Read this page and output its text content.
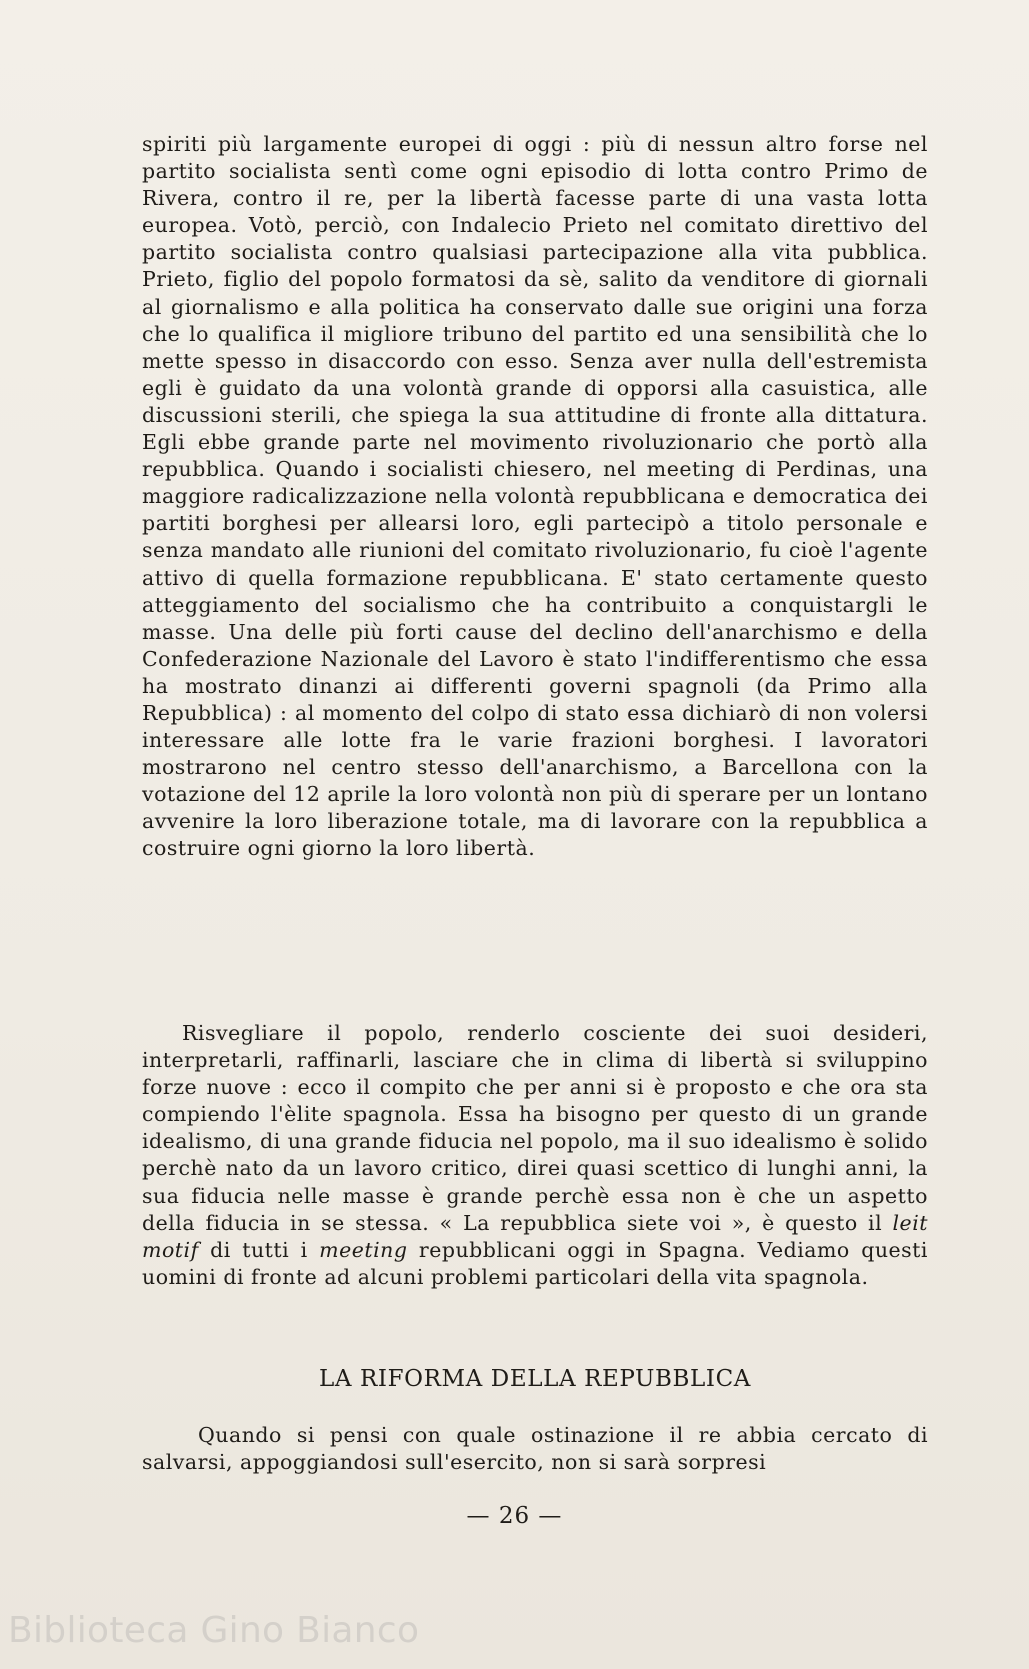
spiriti più largamente europei di oggi : più di nessun altro forse nel partito socialista sentì come ogni episodio di lotta contro Primo de Rivera, contro il re, per la libertà facesse parte di una vasta lotta europea. Votò, perciò, con Indalecio Prieto nel comitato direttivo del partito socialista contro qualsiasi partecipazione alla vita pubblica. Prieto, figlio del popolo formatosi da sè, salito da venditore di giornali al giornalismo e alla politica ha conservato dalle sue origini una forza che lo qualifica il migliore tribuno del partito ed una sensibilità che lo mette spesso in disaccordo con esso. Senza aver nulla dell'estremista egli è guidato da una volontà grande di opporsi alla casuistica, alle discussioni sterili, che spiega la sua attitudine di fronte alla dittatura. Egli ebbe grande parte nel movimento rivoluzionario che portò alla repubblica. Quando i socialisti chiesero, nel meeting di Perdinas, una maggiore radicalizzazione nella volontà repubblicana e democratica dei partiti borghesi per allearsi loro, egli partecipò a titolo personale e senza mandato alle riunioni del comitato rivoluzionario, fu cioè l'agente attivo di quella formazione repubblicana. E' stato certamente questo atteggiamento del socialismo che ha contribuito a conquistargli le masse. Una delle più forti cause del declino dell'anarchismo e della Confederazione Nazionale del Lavoro è stato l'indifferentismo che essa ha mostrato dinanzi ai differenti governi spagnoli (da Primo alla Repubblica) : al momento del colpo di stato essa dichiarò di non volersi interessare alle lotte fra le varie frazioni borghesi. I lavoratori mostrarono nel centro stesso dell'anarchismo, a Barcellona con la votazione del 12 aprile la loro volontà non più di sperare per un lontano avvenire la loro liberazione totale, ma di lavorare con la repubblica a costruire ogni giorno la loro libertà.

Risvegliare il popolo, renderlo cosciente dei suoi desideri, interpretarli, raffinarli, lasciare che in clima di libertà si sviluppino forze nuove : ecco il compito che per anni si è proposto e che ora sta compiendo l'èlite spagnola. Essa ha bisogno per questo di un grande idealismo, di una grande fiducia nel popolo, ma il suo idealismo è solido perchè nato da un lavoro critico, direi quasi scettico di lunghi anni, la sua fiducia nelle masse è grande perchè essa non è che un aspetto della fiducia in se stessa. « La repubblica siete voi », è questo il leit motif di tutti i meeting repubblicani oggi in Spagna. Vediamo questi uomini di fronte ad alcuni problemi particolari della vita spagnola.

LA RIFORMA DELLA REPUBBLICA

Quando si pensi con quale ostinazione il re abbia cercato di salvarsi, appoggiandosi sull'esercito, non si sarà sorpresi

— 26 —
Biblioteca Gino Bianco
